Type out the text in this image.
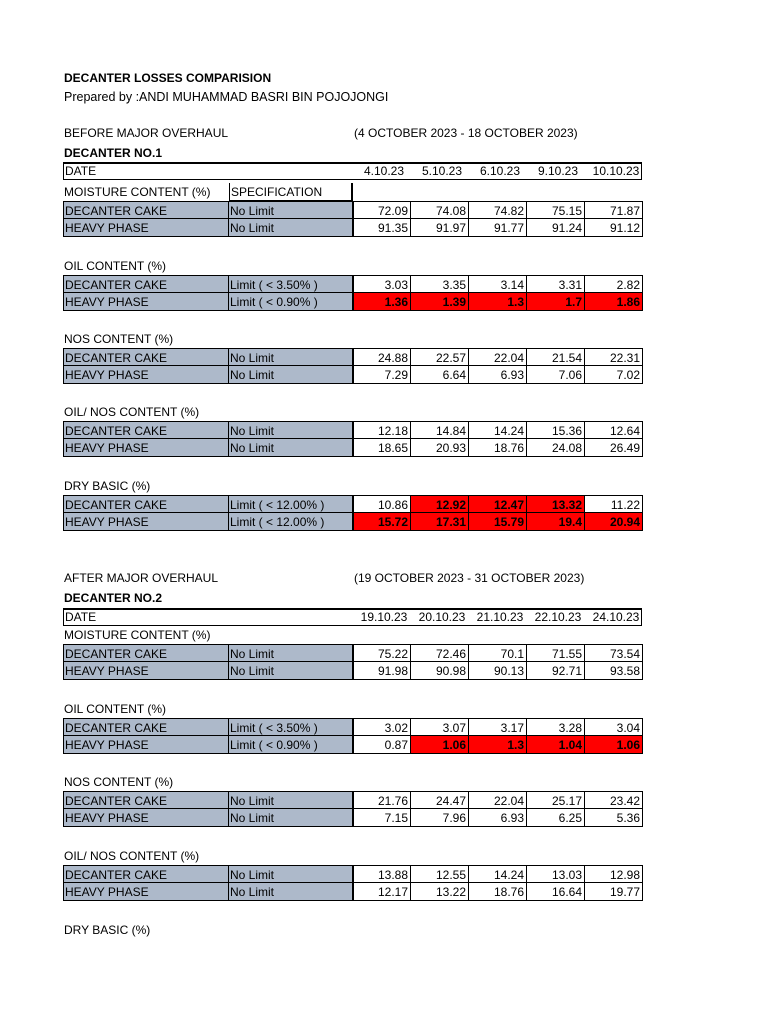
DECANTER LOSSES COMPARISION
Prepared by :ANDI MUHAMMAD BASRI BIN POJOJONGI
BEFORE MAJOR OVERHAUL	(4 OCTOBER 2023 - 18 OCTOBER 2023)
DECANTER NO.1
DATE	4.10.23	5.10.23	6.10.23	9.10.23	10.10.23
MOISTURE CONTENT (%) SPECIFICATION
DECANTER CAKE	No Limit	72.09	74.08	74.82	75.15	71.87
HEAVY PHASE	No Limit	91.35	91.97	91.77	91.24	91.12
OIL CONTENT (%)
DECANTER CAKE	Limit ( < 3.50% )	3.03	3.35	3.14	3.31	2.82
HEAVY PHASE	Limit ( < 0.90% )	1.36	1.39	1.3	1.7	1.86
NOS CONTENT (%)
DECANTER CAKE	No Limit	24.88	22.57	22.04	21.54	22.31
HEAVY PHASE	No Limit	7.29	6.64	6.93	7.06	7.02
OIL/ NOS CONTENT (%)
DECANTER CAKE	No Limit	12.18	14.84	14.24	15.36	12.64
HEAVY PHASE	No Limit	18.65	20.93	18.76	24.08	26.49
DRY BASIC (%)
DECANTER CAKE	Limit ( < 12.00% )	10.86	12.92	12.47	13.32	11.22
HEAVY PHASE	Limit ( < 12.00% )	15.72	17.31	15.79	19.4	20.94
AFTER MAJOR OVERHAUL	(19 OCTOBER 2023 - 31 OCTOBER 2023)
DECANTER NO.2
DATE	19.10.23 20.10.23 21.10.23 22.10.23 24.10.23
MOISTURE CONTENT (%)
DECANTER CAKE	No Limit	75.22	72.46	70.1	71.55	73.54
HEAVY PHASE	No Limit	91.98	90.98	90.13	92.71	93.58
OIL CONTENT (%)
DECANTER CAKE	Limit ( < 3.50% )	3.02	3.07	3.17	3.28	3.04
HEAVY PHASE	Limit ( < 0.90% )	0.87	1.06	1.3	1.04	1.06
NOS CONTENT (%)
DECANTER CAKE	No Limit	21.76	24.47	22.04	25.17	23.42
HEAVY PHASE	No Limit	7.15	7.96	6.93	6.25	5.36
OIL/ NOS CONTENT (%)
DECANTER CAKE	No Limit	13.88	12.55	14.24	13.03	12.98
HEAVY PHASE	No Limit	12.17	13.22	18.76	16.64	19.77
DRY BASIC (%)
